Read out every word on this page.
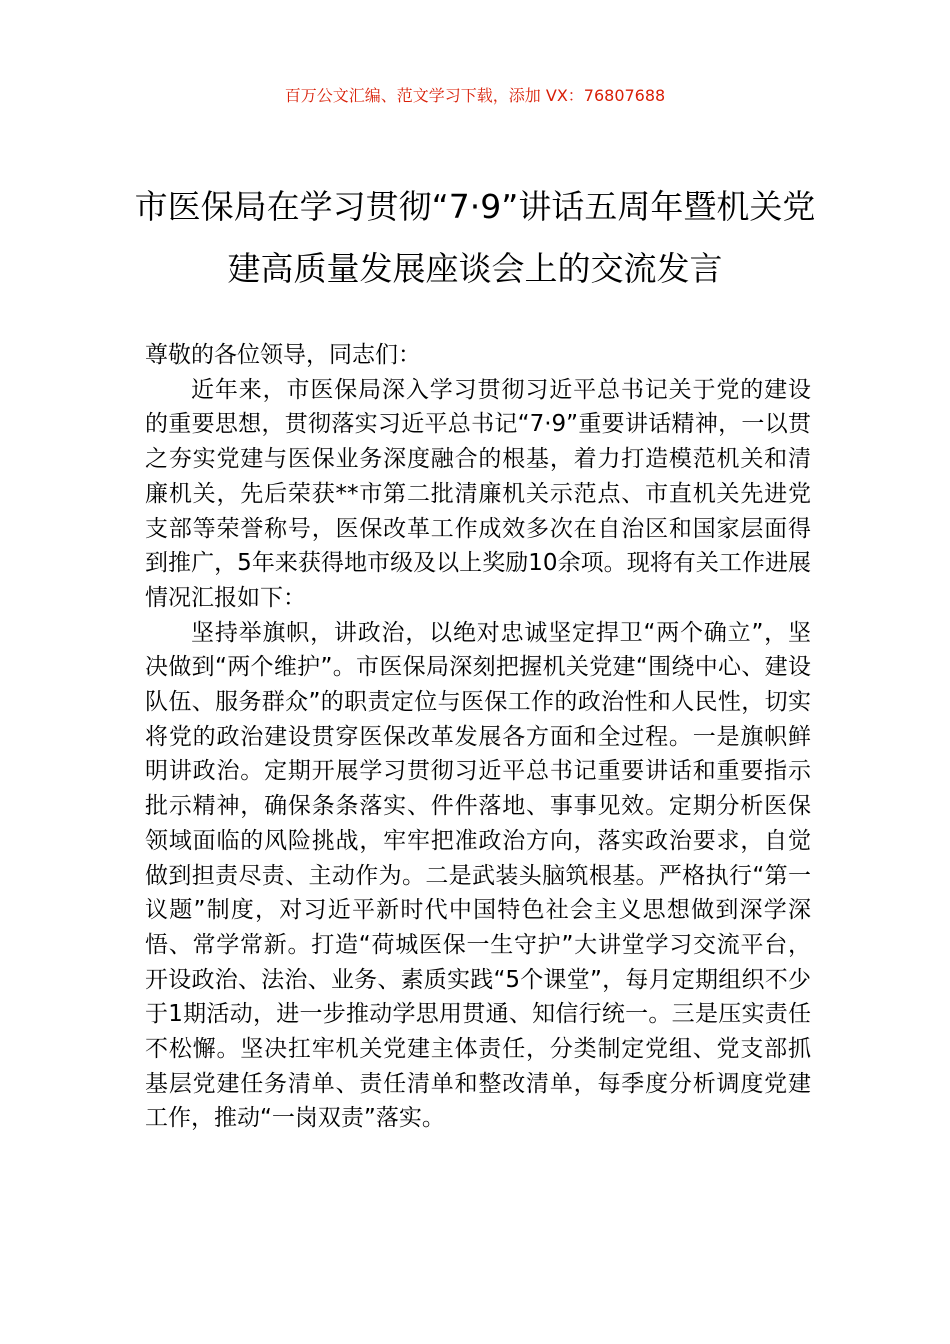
百万公文汇编、范文学习下载，添加 VX：76807688
市医保局在学习贯彻“7·9”讲话五周年暨机关党建高质量发展座谈会上的交流发言

尊敬的各位领导，同志们：

近年来，市医保局深入学习贯彻习近平总书记关于党的建设的重要思想，贯彻落实习近平总书记“7·9”重要讲话精神，一以贯之夯实党建与医保业务深度融合的根基，着力打造模范机关和清廉机关，先后荣获**市第二批清廉机关示范点、市直机关先进党支部等荣誉称号，医保改革工作成效多次在自治区和国家层面得到推广，5年来获得地市级及以上奖励10余项。现将有关工作进展情况汇报如下：

坚持举旗帜，讲政治，以绝对忠诚坚定捍卫“两个确立”，坚决做到“两个维护”。市医保局深刻把握机关党建“围绕中心、建设队伍、服务群众”的职责定位与医保工作的政治性和人民性，切实将党的政治建设贯穿医保改革发展各方面和全过程。一是旗帜鲜明讲政治。定期开展学习贯彻习近平总书记重要讲话和重要指示批示精神，确保条条落实、件件落地、事事见效。定期分析医保领域面临的风险挑战，牢牢把准政治方向，落实政治要求，自觉做到担责尽责、主动作为。二是武装头脑筑根基。严格执行“第一议题”制度，对习近平新时代中国特色社会主义思想做到深学深悟、常学常新。打造“荷城医保一生守护”大讲堂学习交流平台，开设政治、法治、业务、素质实践“5个课堂”，每月定期组织不少于1期活动，进一步推动学思用贯通、知信行统一。三是压实责任不松懈。坚决扛牢机关党建主体责任，分类制定党组、党支部抓基层党建任务清单、责任清单和整改清单，每季度分析调度党建工作，推动“一岗双责”落实。
